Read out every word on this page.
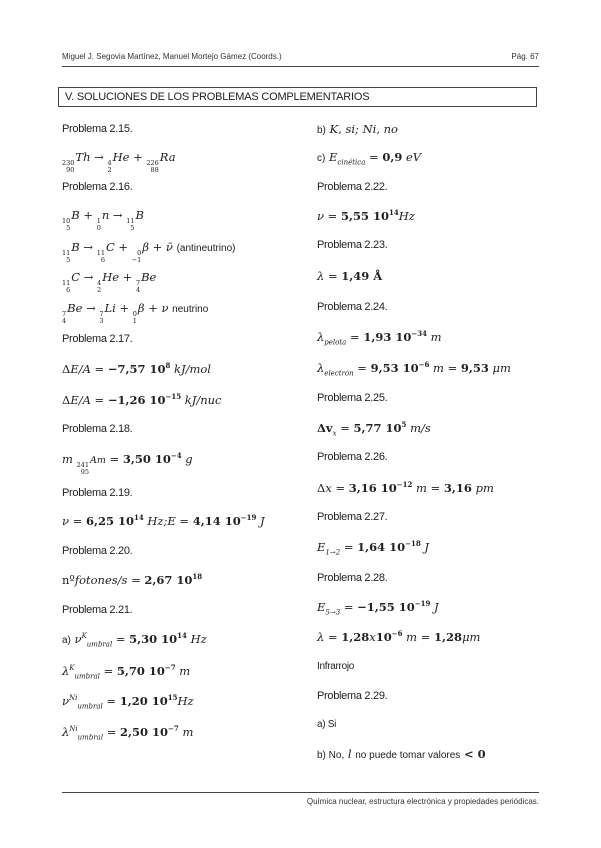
Miguel J. Segovia Martínez, Manuel Mortejo Gámez (Coords.)	Pág. 67
V. SOLUCIONES DE LOS PROBLEMAS COMPLEMENTARIOS
Problema 2.15.
230
90
Th → 4
2
He + 226
88
Ra
Problema 2.16.
10
5
B + 1
0
n → 11
5
B
11
5
B → 11
6
C + 0
−1
β + ν̄ (antineutrino)
11
6
C → 4
2
He + 7
4
Be
7
4
Be → 7
3
Li + 0
1
β + ν neutrino
Problema 2.17.
ΔE/A = −7,57 $10^8$ kJ/mol
ΔE/A = −1,26 $10^{-15}$ kJ/nuc
Problema 2.18.
m 241
95
Am = 3,50 $10^{-4}$ g
Problema 2.19.
ν = 6,25 $10^{14}$ Hz;E = 4,14 $10^{-19}$ J
Problema 2.20.
nºfotones/s = 2,67 $10^{18}$
Problema 2.21.
a) $\nu^K_{umbral} = 5,30$ $10^{14}$ Hz
$\lambda^K_{umbral} = 5,70$ $10^{-7}$ m
$\nu^{Ni}_{umbral} = 1,20$ $10^{15}Hz$
$\lambda^{Ni}_{umbral} = 2,50$ $10^{-7}$ m
b) K, si; Ni, no
c) $E_{cinética} = 0,9$ eV
Problema 2.22.
ν = 5,55 $10^{14}Hz$
Problema 2.23.
λ = 1,49 Å
Problema 2.24.
$\lambda_{pelota} = 1,93$ $10^{-34}$ m
$\lambda_{electrón} = 9,53$ $10^{-6}$ m = 9,53 μm
Problema 2.25.
$\Delta v_x = 5,77$ $10^5$ m/s
Problema 2.26.
Δx = 3,16 $10^{-12}$ m = 3,16 pm
Problema 2.27.
$E_{1\to 2} = 1,64$ $10^{-18}$ J
Problema 2.28.
$E_{5\to 3} = -1,55$ $10^{-19}$ J
$\lambda = 1,28x10^{-6}$ m = 1,28μm
Infrarrojo
Problema 2.29.
a) Si
b) No, l no puede tomar valores < 0
Química nuclear, estructura electrónica y propiedades periódicas.
